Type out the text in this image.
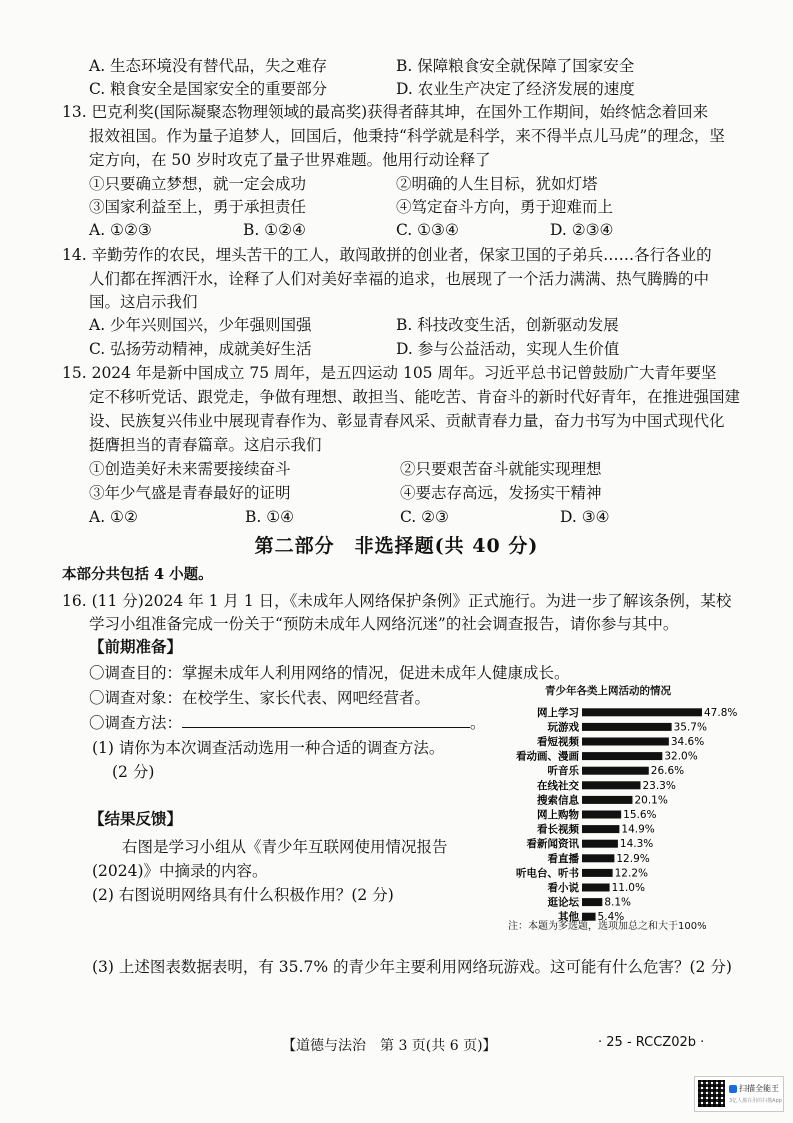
A. 生态环境没有替代品，失之难存	B. 保障粮食安全就保障了国家安全
C. 粮食安全是国家安全的重要部分	D. 农业生产决定了经济发展的速度
13. 巴克利奖(国际凝聚态物理领域的最高奖)获得者薛其坤，在国外工作期间，始终惦念着回来
报效祖国。作为量子追梦人，回国后，他秉持“科学就是科学，来不得半点儿马虎”的理念，坚
定方向，在 50 岁时攻克了量子世界难题。他用行动诠释了
①只要确立梦想，就一定会成功	②明确的人生目标，犹如灯塔
③国家利益至上，勇于承担责任	④笃定奋斗方向，勇于迎难而上
A. ①②③	B. ①②④	C. ①③④	D. ②③④
14. 辛勤劳作的农民，埋头苦干的工人，敢闯敢拼的创业者，保家卫国的子弟兵……各行各业的
人们都在挥洒汗水，诠释了人们对美好幸福的追求，也展现了一个活力满满、热气腾腾的中
国。这启示我们
A. 少年兴则国兴，少年强则国强	B. 科技改变生活，创新驱动发展
C. 弘扬劳动精神，成就美好生活	D. 参与公益活动，实现人生价值
15. 2024 年是新中国成立 75 周年，是五四运动 105 周年。习近平总书记曾鼓励广大青年要坚
定不移听党话、跟党走，争做有理想、敢担当、能吃苦、肯奋斗的新时代好青年，在推进强国建
设、民族复兴伟业中展现青春作为、彰显青春风采、贡献青春力量，奋力书写为中国式现代化
挺膺担当的青春篇章。这启示我们
①创造美好未来需要接续奋斗	②只要艰苦奋斗就能实现理想
③年少气盛是青春最好的证明	④要志存高远，发扬实干精神
A. ①②	B. ①④	C. ②③	D. ③④
第二部分　非选择题(共 40 分)
本部分共包括 4 小题。
16. (11 分)2024 年 1 月 1 日，《未成年人网络保护条例》正式施行。为进一步了解该条例，某校
学习小组准备完成一份关于“预防未成年人网络沉迷”的社会调查报告，请你参与其中。
【前期准备】
〇调查目的：掌握未成年人利用网络的情况，促进未成年人健康成长。
〇调查对象：在校学生、家长代表、网吧经营者。
〇调查方法：	。
(1) 请你为本次调查活动选用一种合适的调查方法。
(2 分)
【结果反馈】
右图是学习小组从《青少年互联网使用情况报告
(2024)》中摘录的内容。
(2) 右图说明网络具有什么积极作用？(2 分)
(3) 上述图表数据表明，有 35.7% 的青少年主要利用网络玩游戏。这可能有什么危害？(2 分)
青少年各类上网活动的情况
网上学习	47.8%
玩游戏	35.7%
看短视频	34.6%
看动画、漫画	32.0%
听音乐	26.6%
在线社交	23.3%
搜索信息	20.1%
网上购物	15.6%
看长视频	14.9%
看新闻资讯	14.3%
看直播	12.9%
听电台、听书	12.2%
看小说	11.0%
逛论坛 8.1%
其他 5.4%
注：本题为多选题，选项加总之和大于100%
【道德与法治　第 3 页(共 6 页)】	· 25 - RCCZ02b ·
扫描全能王
3亿人都在用的扫描App
